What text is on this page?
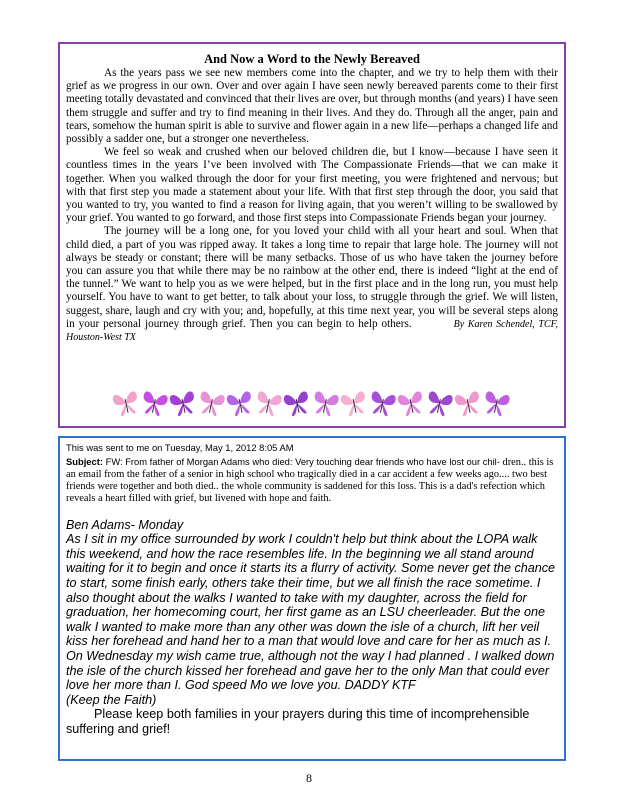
And Now a Word to the Newly Bereaved

As the years pass we see new members come into the chapter, and we try to help them with their grief as we progress in our own. Over and over again I have seen newly bereaved parents come to their first meeting totally devastated and convinced that their lives are over, but through months (and years) I have seen them struggle and suffer and try to find meaning in their lives. And they do. Through all the anger, pain and tears, somehow the human spirit is able to survive and flower again in a new life—perhaps a changed life and possibly a sadder one, but a stronger one nevertheless.

We feel so weak and crushed when our beloved children die, but I know—because I have seen it countless times in the years I’ve been involved with The Compassionate Friends—that we can make it together. When you walked through the door for your first meeting, you were frightened and nervous; but with that first step you made a statement about your life. With that first step through the door, you said that you wanted to try, you wanted to find a reason for living again, that you weren’t willing to be swallowed by your grief. You wanted to go forward, and those first steps into Compassionate Friends began your journey.

The journey will be a long one, for you loved your child with all your heart and soul. When that child died, a part of you was ripped away. It takes a long time to repair that large hole. The journey will not always be steady or constant; there will be many setbacks. Those of us who have taken the journey before you can assure you that while there may be no rainbow at the other end, there is indeed “light at the end of the tunnel.” We want to help you as we were helped, but in the first place and in the long run, you must help yourself. You have to want to get better, to talk about your loss, to struggle through the grief. We will listen, suggest, share, laugh and cry with you; and, hopefully, at this time next year, you will be several steps along in your personal journey through grief. Then you can begin to help others.	By Karen Schendel, TCF, Houston-West TX

This was sent to me on Tuesday, May 1, 2012 8:05 AM

Subject: FW: From father of Morgan Adams who died: Very touching dear friends who have lost our chil- dren.. this is an email from the father of a senior in high school who tragically died in a car accident a few weeks ago.... two best friends were together and both died.. the whole community is saddened for this loss. This is a dad's refection which reveals a heart filled with grief, but livened with hope and faith.

Ben Adams- Monday

As I sit in my office surrounded by work I couldn't help but think about the LOPA walk this weekend, and how the race resembles life. In the beginning we all stand around waiting for it to begin and once it starts its a flurry of activity. Some never get the chance to start, some finish early, others take their time, but we all finish the race sometime. I also thought about the walks I wanted to take with my daughter, across the field for graduation, her homecoming court, her first game as an LSU cheerleader. But the one walk I wanted to make more than any other was down the isle of a church, lift her veil kiss her forehead and hand her to a man that would love and care for her as much as I.

On Wednesday my wish came true, although not the way I had planned . I walked down the isle of the church kissed her forehead and gave her to the only Man that could ever love her more than I. God speed Mo we love you. DADDY KTF

(Keep the Faith)

Please keep both families in your prayers during this time of incomprehensible suffering and grief!

8
